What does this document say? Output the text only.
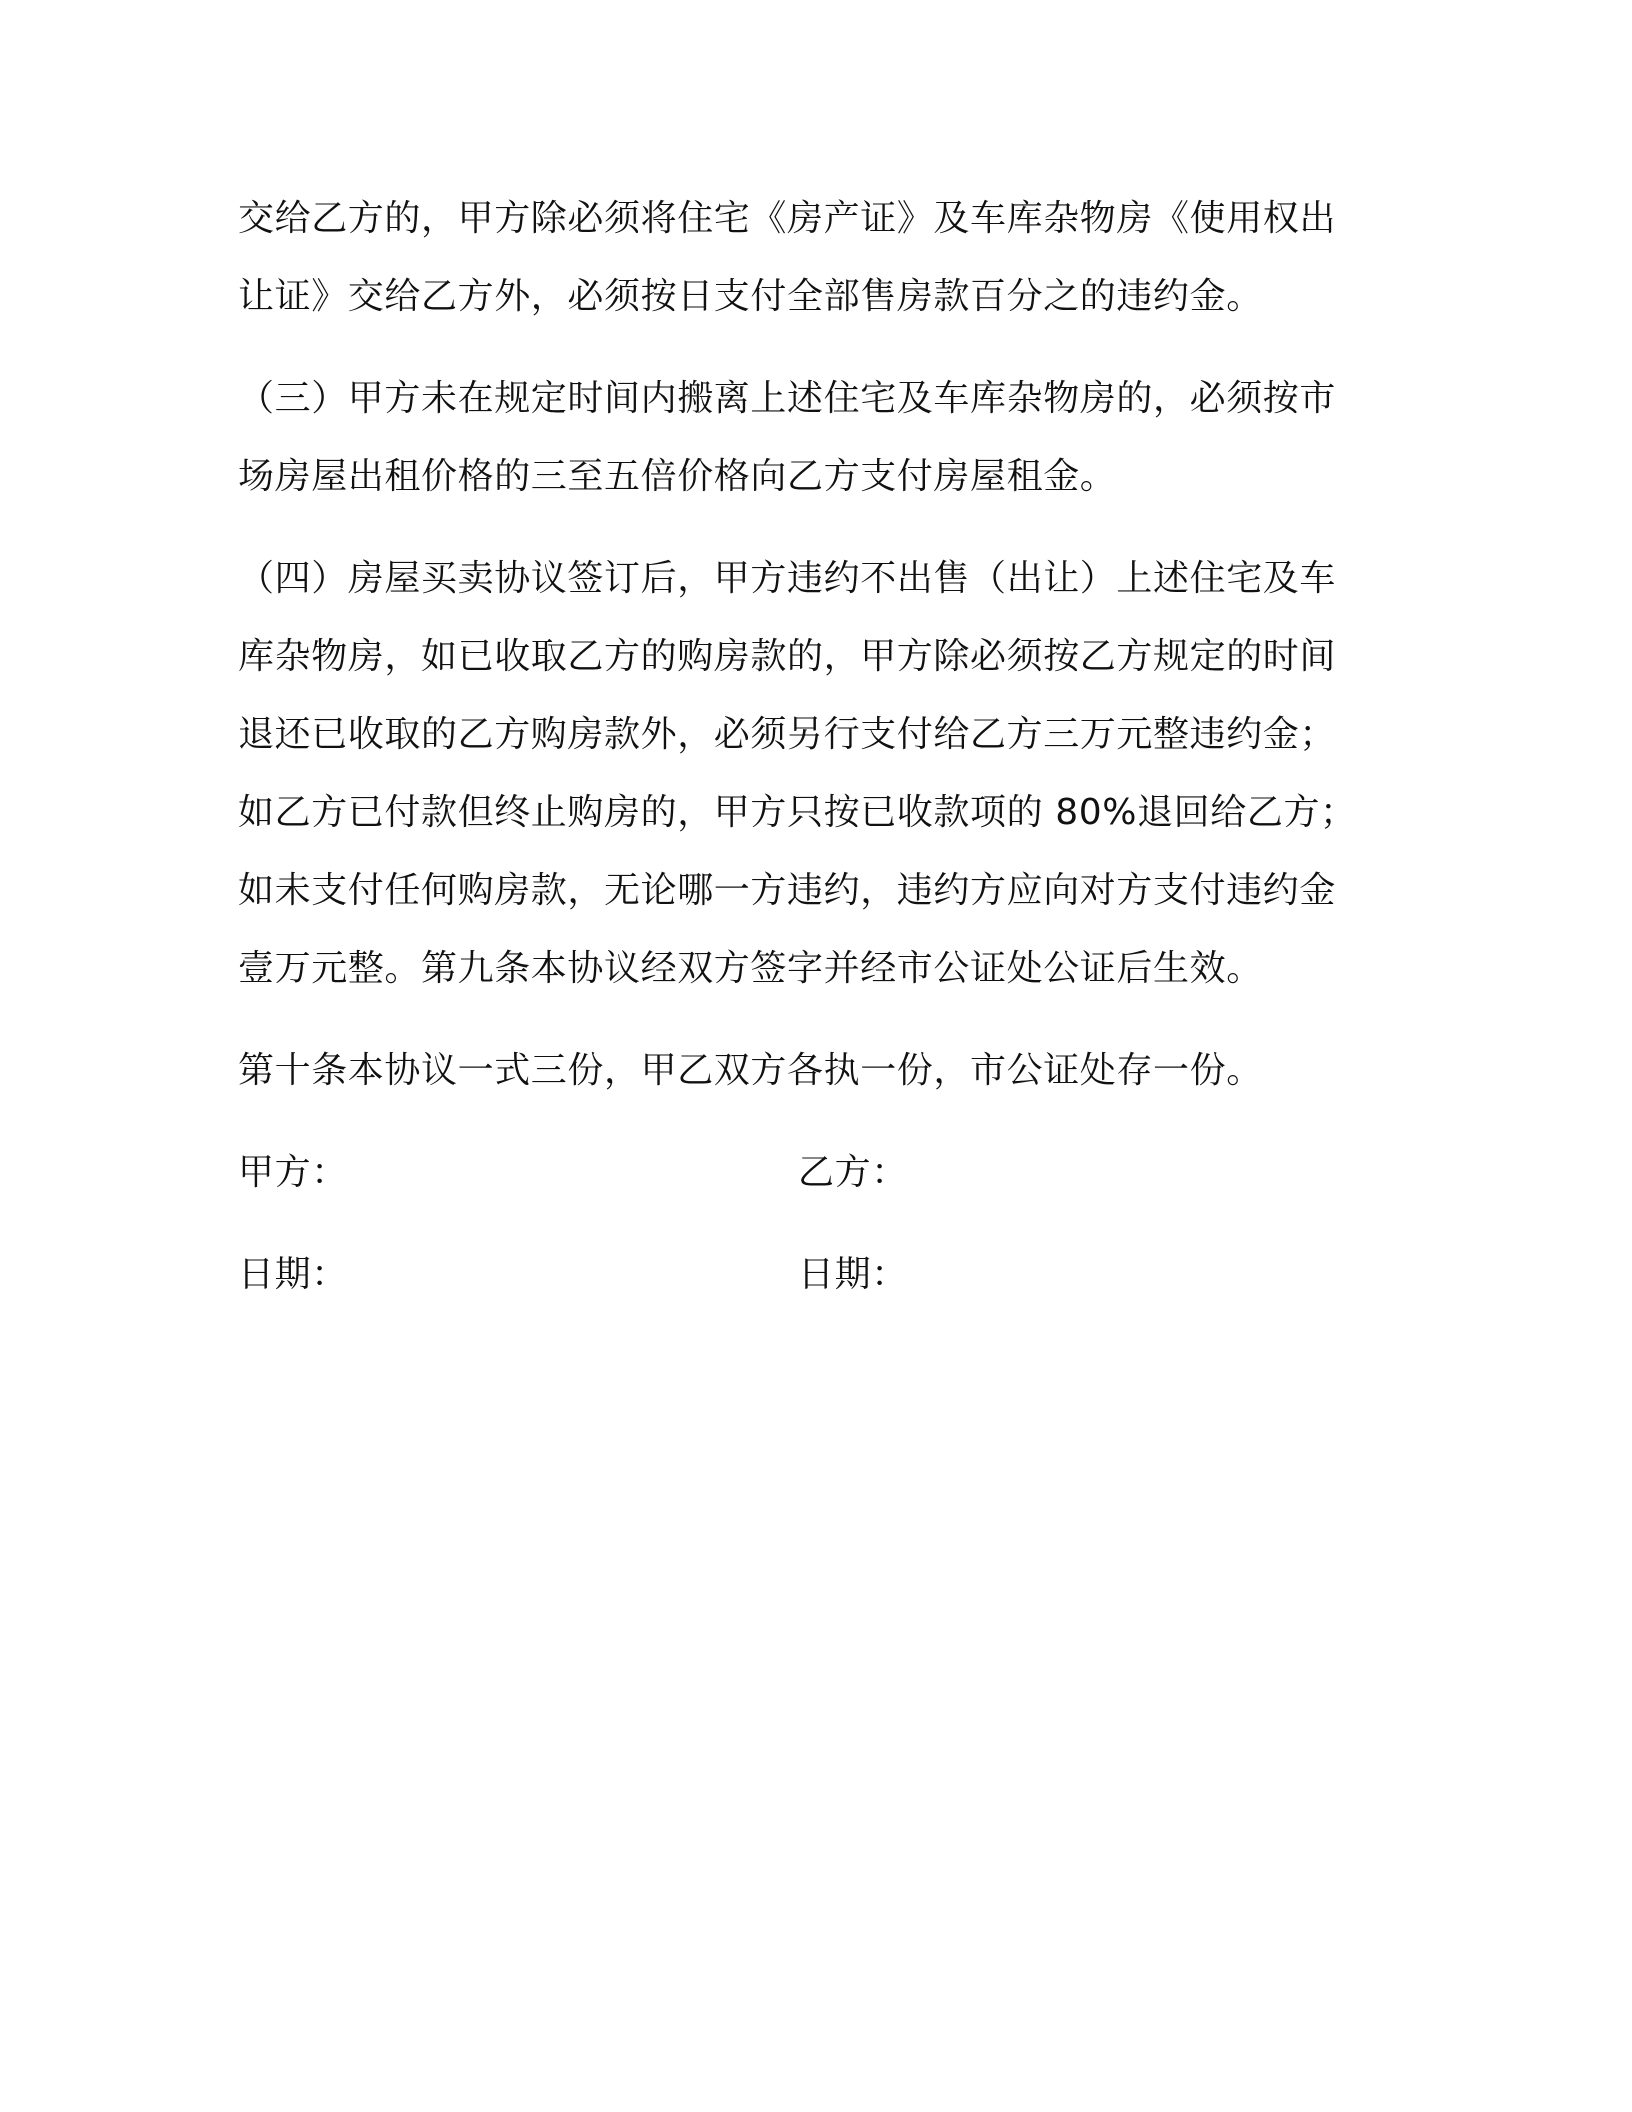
交给乙方的，甲方除必须将住宅《房产证》及车库杂物房《使用权出
让证》交给乙方外，必须按日支付全部售房款百分之的违约金。

（三）甲方未在规定时间内搬离上述住宅及车库杂物房的，必须按市
场房屋出租价格的三至五倍价格向乙方支付房屋租金。

（四）房屋买卖协议签订后，甲方违约不出售（出让）上述住宅及车
库杂物房，如已收取乙方的购房款的，甲方除必须按乙方规定的时间
退还已收取的乙方购房款外，必须另行支付给乙方三万元整违约金；
如乙方已付款但终止购房的，甲方只按已收款项的 80%退回给乙方；
如未支付任何购房款，无论哪一方违约，违约方应向对方支付违约金
壹万元整。第九条本协议经双方签字并经市公证处公证后生效。

第十条本协议一式三份，甲乙双方各执一份，市公证处存一份。

甲方：	乙方：
日期：	日期：
